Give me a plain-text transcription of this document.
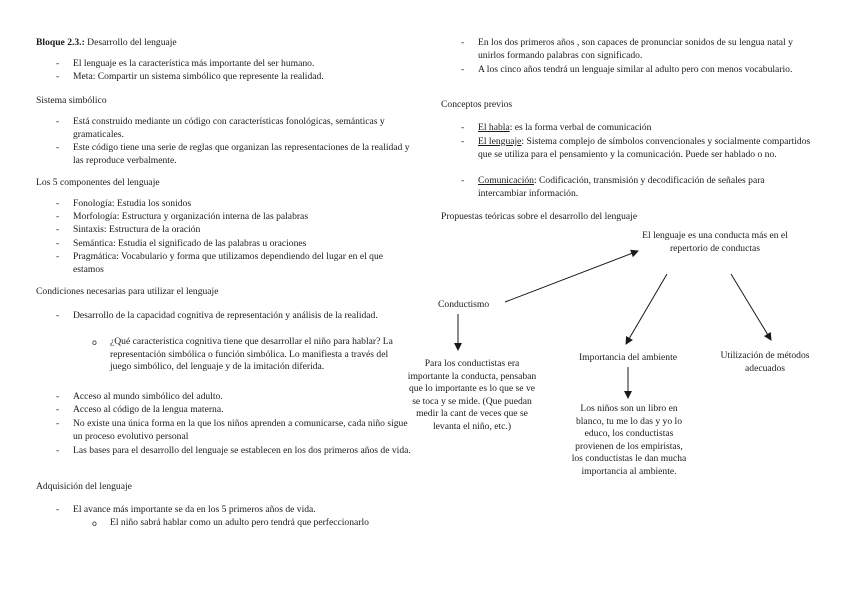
Bloque 2.3.: Desarrollo del lenguaje
-	El lenguaje es la característica más importante del ser humano.
-	Meta: Compartir un sistema simbólico que represente la realidad.
Sistema simbólico
-	Está construido mediante un código con características fonológicas, semánticas y gramaticales.
-	Este código tiene una serie de reglas que organizan las representaciones de la realidad y las reproduce verbalmente.
Los 5 componentes del lenguaje
-	Fonología: Estudia los sonidos
-	Morfología: Estructura y organización interna de las palabras
-	Sintaxis: Estructura de la oración
-	Semántica: Estudia el significado de las palabras u oraciones
-	Pragmática: Vocabulario y forma que utilizamos dependiendo del lugar en el que estamos
Condiciones necesarias para utilizar el lenguaje
-	Desarrollo de la capacidad cognitiva de representación y análisis de la realidad.
o	¿Qué característica cognitiva tiene que desarrollar el niño para hablar? La representación simbólica o función simbólica. Lo manifiesta a través del juego simbólico, del lenguaje y de la imitación diferida.
-	Acceso al mundo simbólico del adulto.
-	Acceso al código de la lengua materna.
-	No existe una única forma en la que los niños aprenden a comunicarse, cada niño sigue un proceso evolutivo personal
-	Las bases para el desarrollo del lenguaje se establecen en los dos primeros años de vida.
Adquisición del lenguaje
-	El avance más importante se da en los 5 primeros años de vida.
o	El niño sabrá hablar como un adulto pero tendrá que perfeccionarlo
-	En los dos primeros años , son capaces de pronunciar sonidos de su lengua natal y unirlos formando palabras con significado.
-	A los cinco años tendrá un lenguaje similar al adulto pero con menos vocabulario.
Conceptos previos
-	El habla: es la forma verbal de comunicación
-	El lenguaje: Sistema complejo de símbolos convencionales y socialmente compartidos que se utiliza para el pensamiento y la comunicación. Puede ser hablado o no.
-	Comunicación: Codificación, transmisión y decodificación de señales para intercambiar información.
Propuestas teóricas sobre el desarrollo del lenguaje
El lenguaje es una conducta más en el repertorio de conductas
Conductismo
Para los conductistas era importante la conducta, pensaban que lo importante es lo que se ve se toca y se mide. (Que puedan medir la cant de veces que se levanta el niño, etc.)
Importancia del ambiente
Los niños son un libro en blanco, tu me lo das y yo lo educo, los conductistas provienen de los empiristas, los conductistas le dan mucha importancia al ambiente.
Utilización de métodos adecuados
